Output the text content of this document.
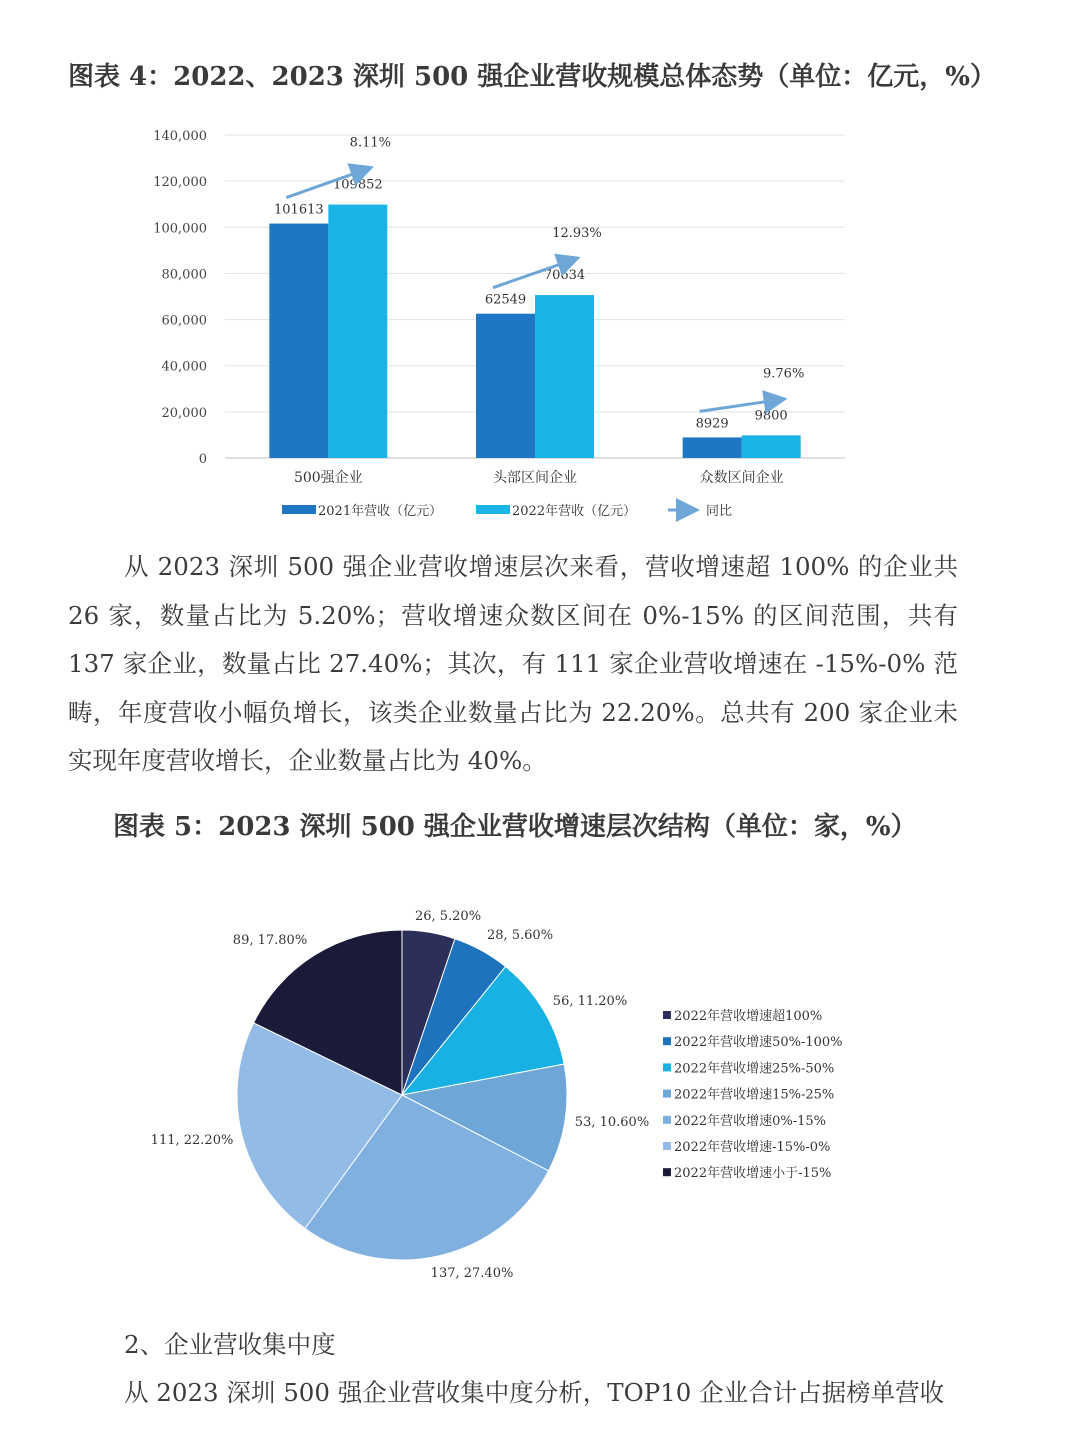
图表 4：2022、2023 深圳 500 强企业营收规模总体态势（单位：亿元，%）
0
20,000
40,000
60,000
80,000
100,000
120,000
140,000
101613
109852
8.11%
500强企业
62549
70634
12.93%
头部区间企业
8929
9800
9.76%
众数区间企业
2021年营收（亿元）	2022年营收（亿元）	同比

从 2023 深圳 500 强企业营收增速层次来看，营收增速超 100% 的企业共 26 家，数量占比为 5.20%；营收增速众数区间在 0%-15% 的区间范围，共有 137 家企业，数量占比 27.40%；其次，有 111 家企业营收增速在 -15%-0% 范畴，年度营收小幅负增长，该类企业数量占比为 22.20%。总共有 200 家企业未实现年度营收增长，企业数量占比为 40%。

图表 5：2023 深圳 500 强企业营收增速层次结构（单位：家，%）
26, 5.20%
28, 5.60%
56, 11.20%
53, 10.60%
137, 27.40%
111, 22.20%
89, 17.80%
2022年营收增速超100%
2022年营收增速50%-100%
2022年营收增速25%-50%
2022年营收增速15%-25%
2022年营收增速0%-15%
2022年营收增速-15%-0%
2022年营收增速小于-15%
2、企业营收集中度
从 2023 深圳 500 强企业营收集中度分析，TOP10 企业合计占据榜单营收
